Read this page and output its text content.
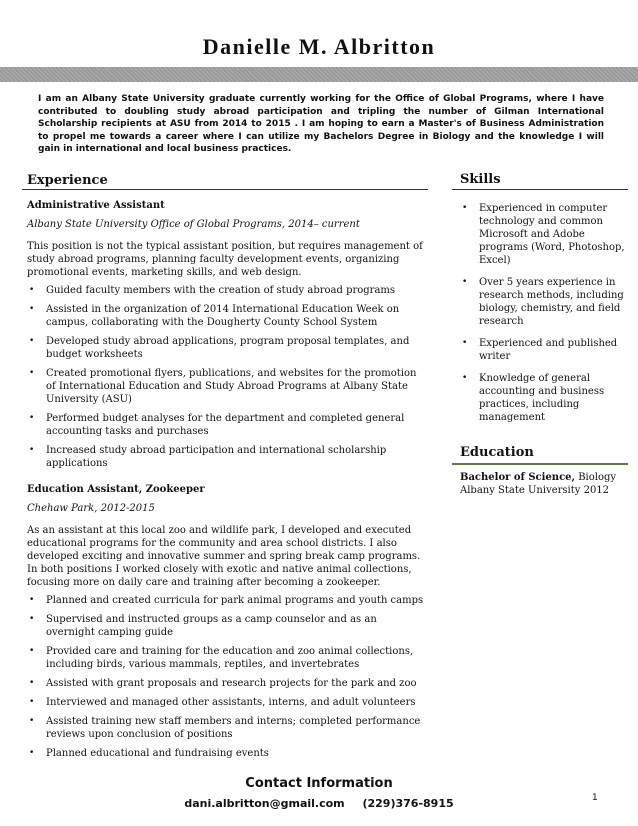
Danielle M. Albritton
I am an Albany State University graduate currently working for the Office of Global Programs, where I have contributed to doubling study abroad participation and tripling the number of Gilman International Scholarship recipients at ASU from 2014 to 2015 . I am hoping to earn a Master's of Business Administration to propel me towards a career where I can utilize my Bachelors Degree in Biology and the knowledge I will gain in international and local business practices.
Experience

Administrative Assistant

Albany State University Office of Global Programs, 2014– current

This position is not the typical assistant position, but requires management of study abroad programs, planning faculty development events, organizing promotional events, marketing skills, and web design.

• Guided faculty members with the creation of study abroad programs
• Assisted in the organization of 2014 International Education Week on campus, collaborating with the Dougherty County School System
• Developed study abroad applications, program proposal templates, and budget worksheets
• Created promotional flyers, publications, and websites for the promotion of International Education and Study Abroad Programs at Albany State University (ASU)
• Performed budget analyses for the department and completed general accounting tasks and purchases
• Increased study abroad participation and international scholarship applications

Education Assistant, Zookeeper

Chehaw Park, 2012-2015

As an assistant at this local zoo and wildlife park, I developed and executed educational programs for the community and area school districts. I also developed exciting and innovative summer and spring break camp programs. In both positions I worked closely with exotic and native animal collections, focusing more on daily care and training after becoming a zookeeper.

• Planned and created curricula for park animal programs and youth camps
• Supervised and instructed groups as a camp counselor and as an overnight camping guide
• Provided care and training for the education and zoo animal collections, including birds, various mammals, reptiles, and invertebrates
• Assisted with grant proposals and research projects for the park and zoo
• Interviewed and managed other assistants, interns, and adult volunteers
• Assisted training new staff members and interns; completed performance reviews upon conclusion of positions
• Planned educational and fundraising events
Skills
• Experienced in computer technology and common Microsoft and Adobe programs (Word, Photoshop, Excel)
• Over 5 years experience in research methods, including biology, chemistry, and field research
• Experienced and published writer
• Knowledge of general accounting and business practices, including management
Education
Bachelor of Science, Biology
Albany State University 2012
Contact Information
dani.albritton@gmail.com (229)376-8915	1
